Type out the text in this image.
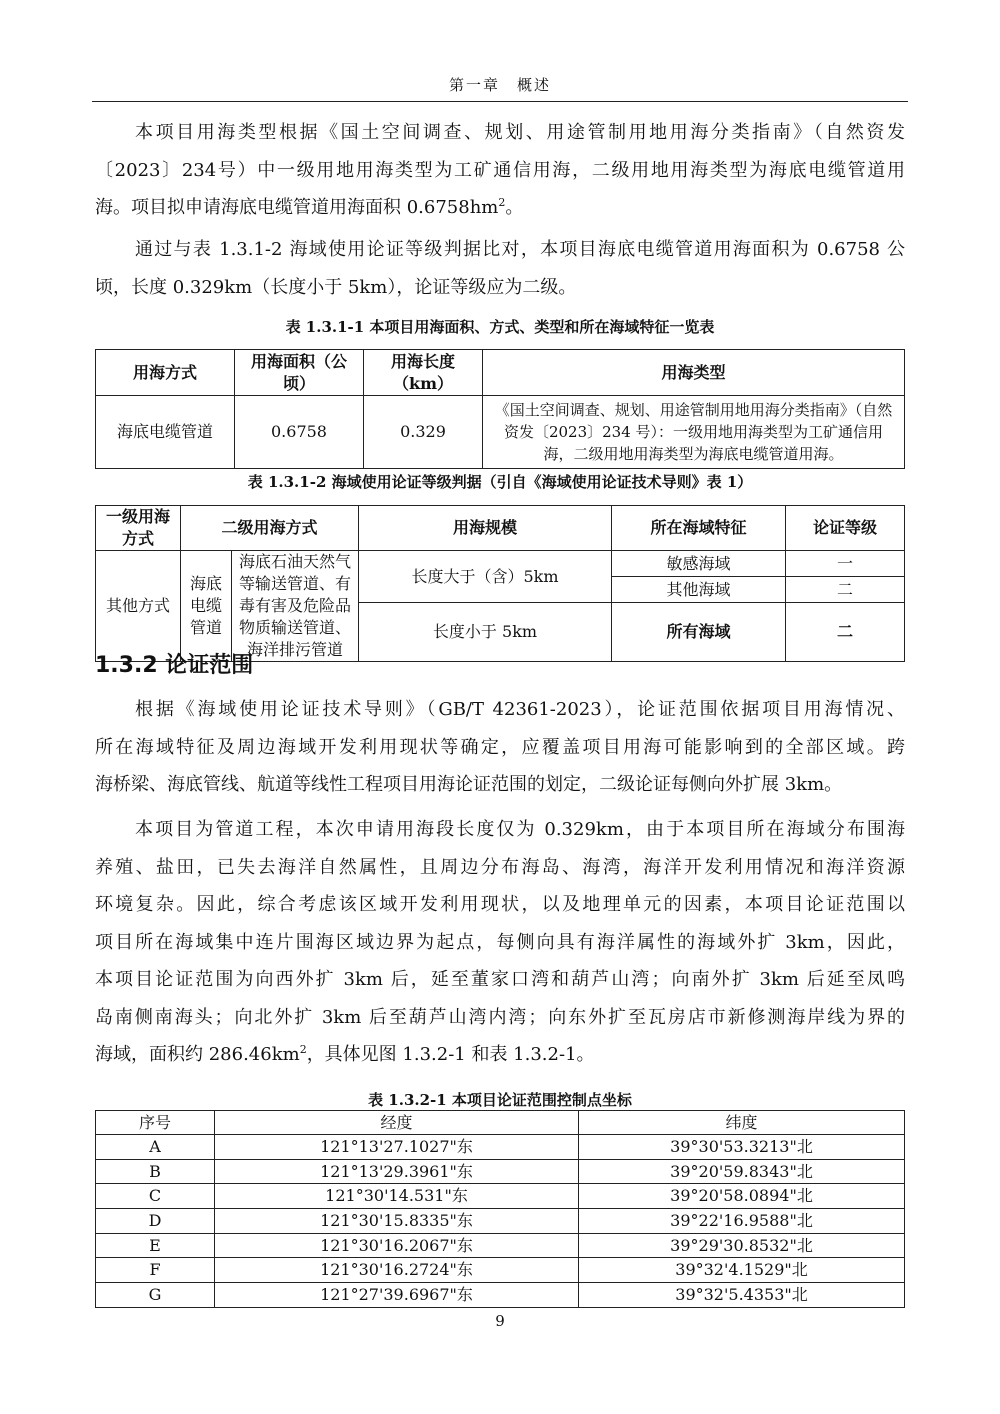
第一章　概述
本项目用海类型根据《国土空间调查、规划、用途管制用地用海分类指南》（自然资发
〔2023〕234号）中一级用地用海类型为工矿通信用海，二级用地用海类型为海底电缆管道用
海。项目拟申请海底电缆管道用海面积 $0.6758hm^2$。
通过与表 1.3.1-2 海域使用论证等级判据比对，本项目海底电缆管道用海面积为 0.6758 公
顷，长度 0.329km（长度小于 5km），论证等级应为二级。
表 1.3.1-1 本项目用海面积、方式、类型和所在海域特征一览表
用海方式	用海面积（公顷）	用海长度（km）	用海类型
海底电缆管道	0.6758	0.329	《国土空间调查、规划、用途管制用地用海分类指南》（自然资发〔2023〕234 号）：一级用地用海类型为工矿通信用海，二级用地用海类型为海底电缆管道用海。
表 1.3.1-2 海域使用论证等级判据（引自《海域使用论证技术导则》表 1）
一级用海方式	二级用海方式		用海规模	所在海域特征	论证等级
其他方式	海底电缆管道	海底石油天然气等输送管道、有毒有害及危险品物质输送管道、海洋排污管道	长度大于（含）5km	敏感海域	一
				其他海域	二
			长度小于 5km	所有海域	二
1.3.2 论证范围
根据《海域使用论证技术导则》（GB/T 42361-2023），论证范围依据项目用海情况、
所在海域特征及周边海域开发利用现状等确定，应覆盖项目用海可能影响到的全部区域。跨
海桥梁、海底管线、航道等线性工程项目用海论证范围的划定，二级论证每侧向外扩展 3km。
本项目为管道工程，本次申请用海段长度仅为 0.329km，由于本项目所在海域分布围海
养殖、盐田，已失去海洋自然属性，且周边分布海岛、海湾，海洋开发利用情况和海洋资源
环境复杂。因此，综合考虑该区域开发利用现状，以及地理单元的因素，本项目论证范围以
项目所在海域集中连片围海区域边界为起点，每侧向具有海洋属性的海域外扩 3km，因此，
本项目论证范围为向西外扩 3km 后，延至董家口湾和葫芦山湾；向南外扩 3km 后延至凤鸣
岛南侧南海头；向北外扩 3km 后至葫芦山湾内湾；向东外扩至瓦房店市新修测海岸线为界的
海域，面积约 $286.46km^2$，具体见图 1.3.2-1 和表 1.3.2-1。
表 1.3.2-1 本项目论证范围控制点坐标
序号	经度	纬度
A	121°13'27.1027"东	39°30'53.3213"北
B	121°13'29.3961"东	39°20'59.8343"北
C	121°30'14.531"东	39°20'58.0894"北
D	121°30'15.8335"东	39°22'16.9588"北
E	121°30'16.2067"东	39°29'30.8532"北
F	121°30'16.2724"东	39°32'4.1529"北
G	121°27'39.6967"东	39°32'5.4353"北
9
